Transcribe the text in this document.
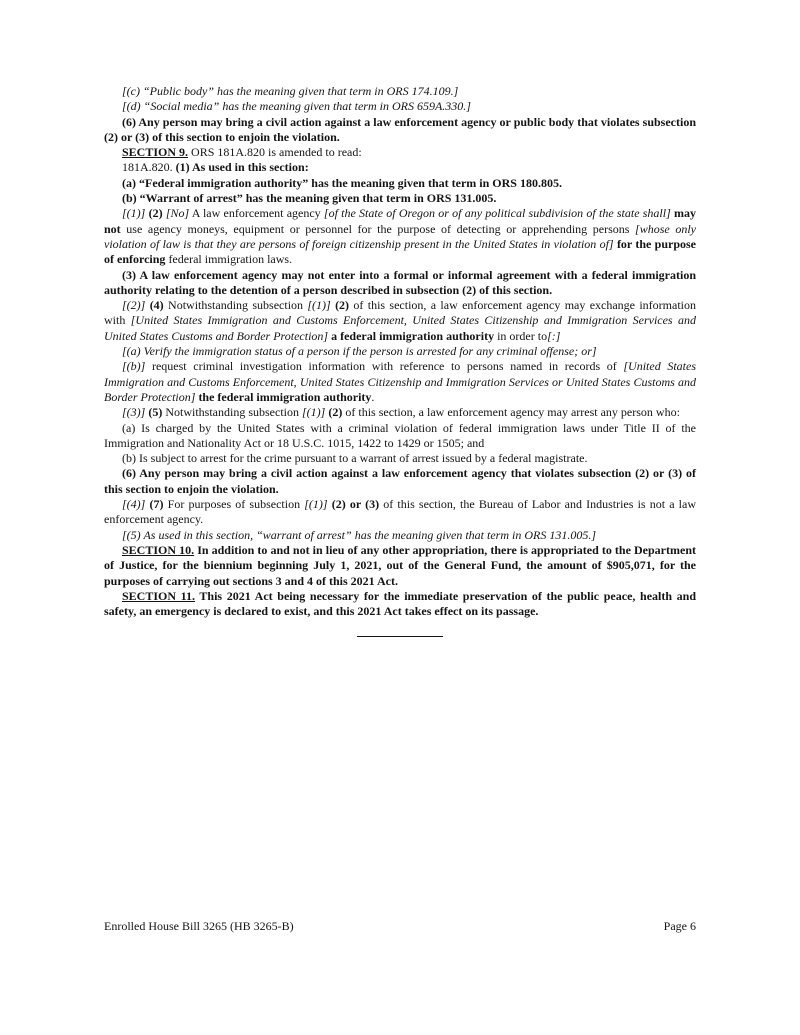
[(c) “Public body” has the meaning given that term in ORS 174.109.]

[(d) “Social media” has the meaning given that term in ORS 659A.330.]

(6) Any person may bring a civil action against a law enforcement agency or public body that violates subsection (2) or (3) of this section to enjoin the violation.

SECTION 9. ORS 181A.820 is amended to read:

181A.820. (1) As used in this section:

(a) “Federal immigration authority” has the meaning given that term in ORS 180.805.

(b) “Warrant of arrest” has the meaning given that term in ORS 131.005.

[(1)] (2) [No] A law enforcement agency [of the State of Oregon or of any political subdivision of the state shall] may not use agency moneys, equipment or personnel for the purpose of detecting or apprehending persons [whose only violation of law is that they are persons of foreign citizenship present in the United States in violation of] for the purpose of enforcing federal immigration laws.

(3) A law enforcement agency may not enter into a formal or informal agreement with a federal immigration authority relating to the detention of a person described in subsection (2) of this section.

[(2)] (4) Notwithstanding subsection [(1)] (2) of this section, a law enforcement agency may exchange information with [United States Immigration and Customs Enforcement, United States Citizenship and Immigration Services and United States Customs and Border Protection] a federal immigration authority in order to[:]

[(a) Verify the immigration status of a person if the person is arrested for any criminal offense; or]

[(b)] request criminal investigation information with reference to persons named in records of [United States Immigration and Customs Enforcement, United States Citizenship and Immigration Services or United States Customs and Border Protection] the federal immigration authority.

[(3)] (5) Notwithstanding subsection [(1)] (2) of this section, a law enforcement agency may arrest any person who:

(a) Is charged by the United States with a criminal violation of federal immigration laws under Title II of the Immigration and Nationality Act or 18 U.S.C. 1015, 1422 to 1429 or 1505; and

(b) Is subject to arrest for the crime pursuant to a warrant of arrest issued by a federal magistrate.

(6) Any person may bring a civil action against a law enforcement agency that violates subsection (2) or (3) of this section to enjoin the violation.

[(4)] (7) For purposes of subsection [(1)] (2) or (3) of this section, the Bureau of Labor and Industries is not a law enforcement agency.

[(5) As used in this section, “warrant of arrest” has the meaning given that term in ORS 131.005.]

SECTION 10. In addition to and not in lieu of any other appropriation, there is appropriated to the Department of Justice, for the biennium beginning July 1, 2021, out of the General Fund, the amount of $905,071, for the purposes of carrying out sections 3 and 4 of this 2021 Act.

SECTION 11. This 2021 Act being necessary for the immediate preservation of the public peace, health and safety, an emergency is declared to exist, and this 2021 Act takes effect on its passage.

Enrolled House Bill 3265 (HB 3265-B)	Page 6
